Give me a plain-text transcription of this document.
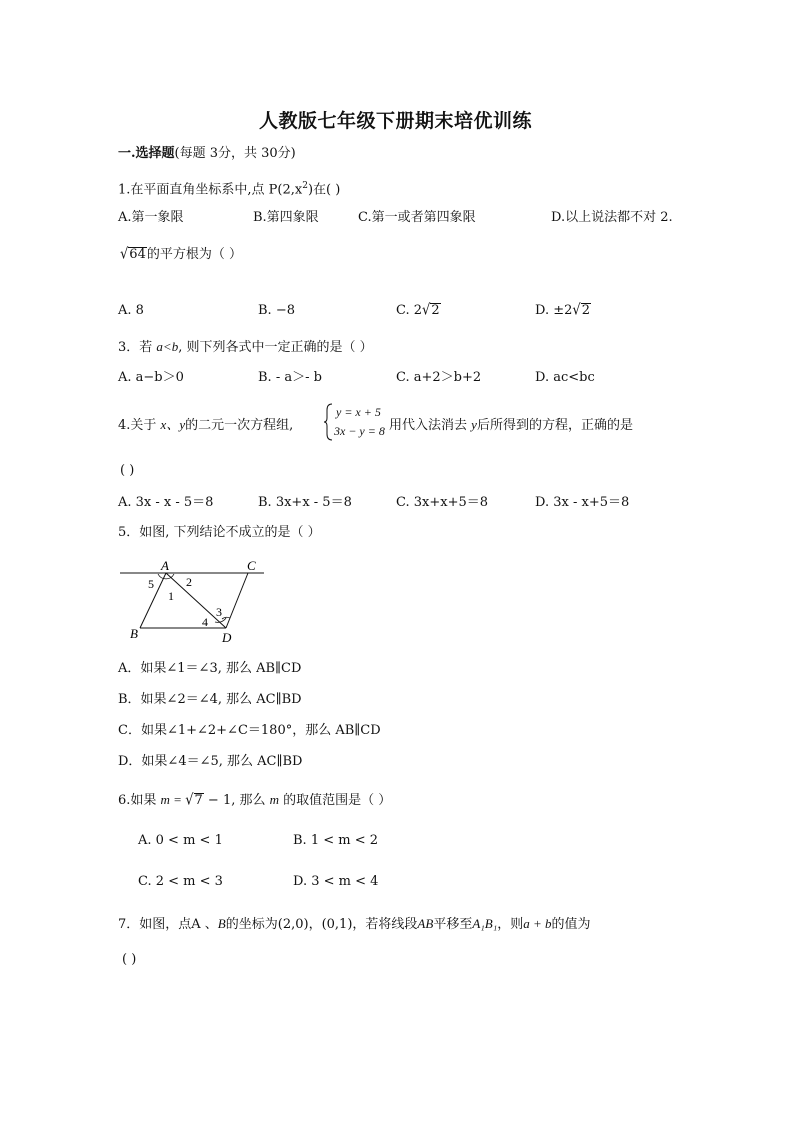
人教版七年级下册期末培优训练
一.选择题(每题 3分，共 30分)
1.在平面直角坐标系中,点 $P(2,x^2)$在( )
A.第一象限	B.第四象限	C.第一或者第四象限	D.以上说法都不对 2.
√64的平方根为（ ）
A. 8	B. −8	C. 2√2	D. ±2√2
3．若 a<b, 则下列各式中一定正确的是（ ）
A. a−b＞0	B. - a＞- b	C. a+2＞b+2	D. ac<bc
4.关于 x、y的二元一次方程组,
y = x + 5
3x − y = 8 用代入法消去 y后所得到的方程，正确的是
( )
A. 3x - x - 5＝8	B. 3x+x - 5＝8	C. 3x+x+5＝8	D. 3x - x+5＝8
5．如图, 下列结论不成立的是（ ）
A	C
B	D
5	2
1
3
4
A．如果∠1＝∠3, 那么 AB∥CD
B．如果∠2＝∠4, 那么 AC∥BD
C．如果∠1+∠2+∠C＝180°，那么 AB∥CD
D．如果∠4＝∠5, 那么 AC∥BD
6.如果 m = √7 − 1, 那么 m 的取值范围是（ ）
A. 0 < m < 1	B. 1 < m < 2
C. 2 < m < 3	D. 3 < m < 4
7．如图，点A 、B的坐标为(2,0)，(0,1)，若将线段AB平移至A₁B₁，则a + b的值为
( )
